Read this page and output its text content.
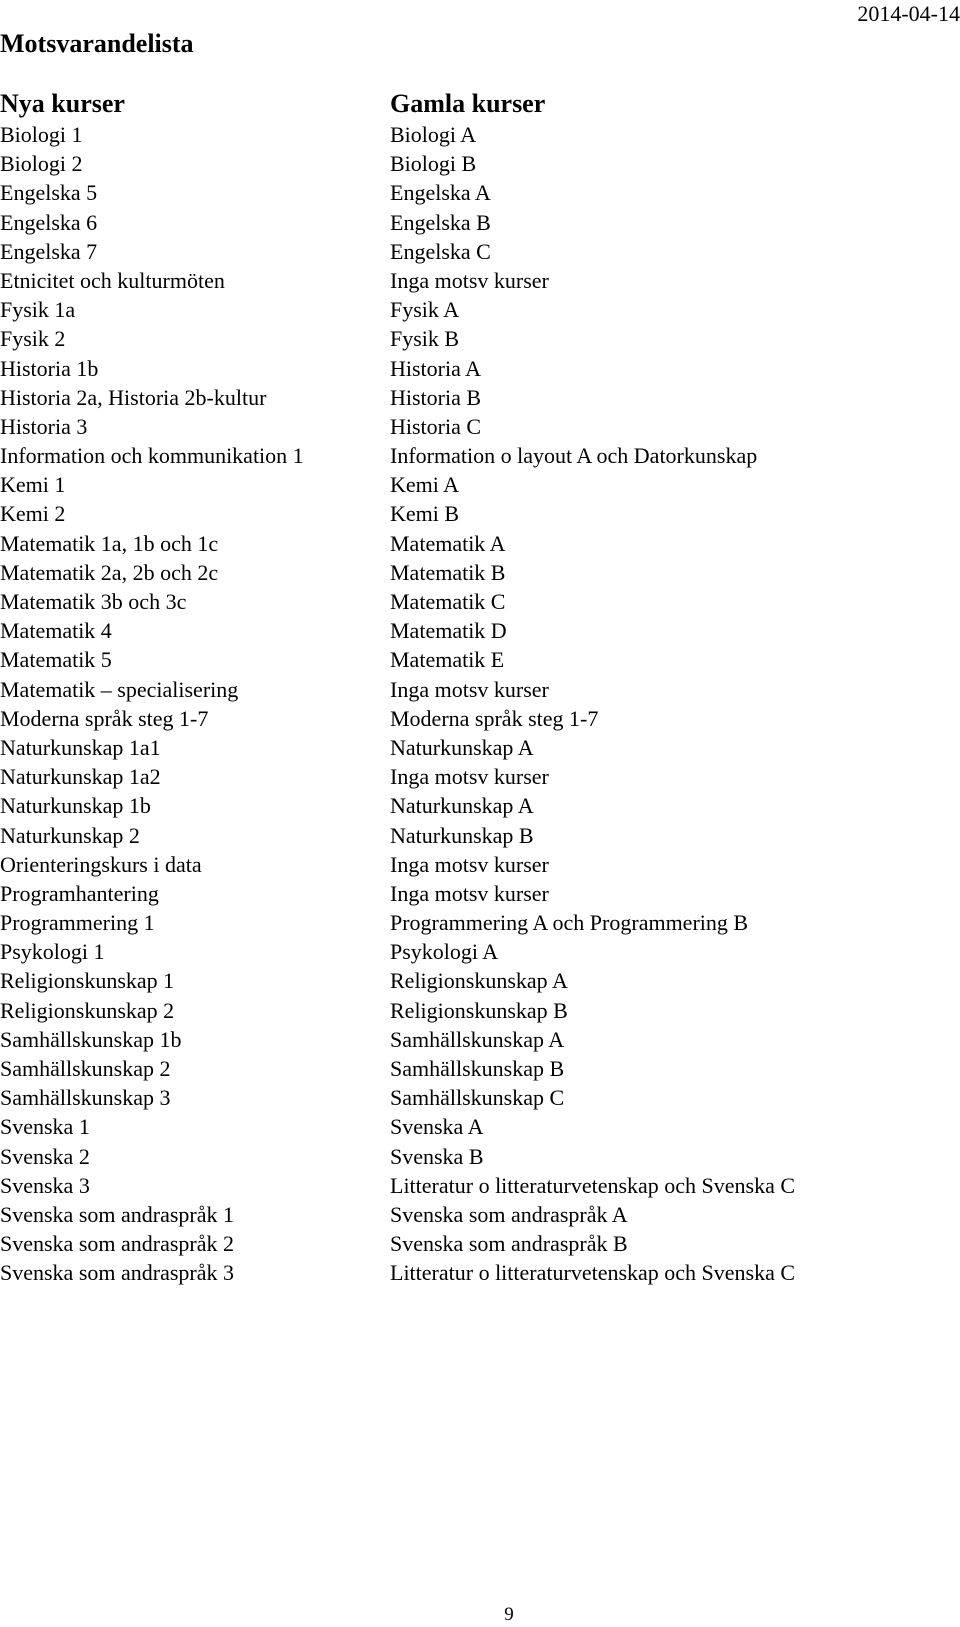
2014-04-14
Motsvarandelista
Nya kurser	Gamla kurser
Biologi 1	Biologi A
Biologi 2	Biologi B
Engelska 5	Engelska A
Engelska 6	Engelska B
Engelska 7	Engelska C
Etnicitet och kulturmöten	Inga motsv kurser
Fysik 1a	Fysik A
Fysik 2	Fysik B
Historia 1b	Historia A
Historia 2a, Historia 2b-kultur	Historia B
Historia 3	Historia C
Information och kommunikation 1	Information o layout A och Datorkunskap
Kemi 1	Kemi A
Kemi 2	Kemi B
Matematik 1a, 1b och 1c	Matematik A
Matematik 2a, 2b och 2c	Matematik B
Matematik 3b och 3c	Matematik C
Matematik 4	Matematik D
Matematik 5	Matematik E
Matematik – specialisering	Inga motsv kurser
Moderna språk steg 1-7	Moderna språk steg 1-7
Naturkunskap 1a1	Naturkunskap A
Naturkunskap 1a2	Inga motsv kurser
Naturkunskap 1b	Naturkunskap A
Naturkunskap 2	Naturkunskap B
Orienteringskurs i data	Inga motsv kurser
Programhantering	Inga motsv kurser
Programmering 1	Programmering A och Programmering B
Psykologi 1	Psykologi A
Religionskunskap 1	Religionskunskap A
Religionskunskap 2	Religionskunskap B
Samhällskunskap 1b	Samhällskunskap A
Samhällskunskap 2	Samhällskunskap B
Samhällskunskap 3	Samhällskunskap C
Svenska 1	Svenska A
Svenska 2	Svenska B
Svenska 3	Litteratur o litteraturvetenskap och Svenska C
Svenska som andraspråk 1	Svenska som andraspråk A
Svenska som andraspråk 2	Svenska som andraspråk B
Svenska som andraspråk 3	Litteratur o litteraturvetenskap och Svenska C
9
